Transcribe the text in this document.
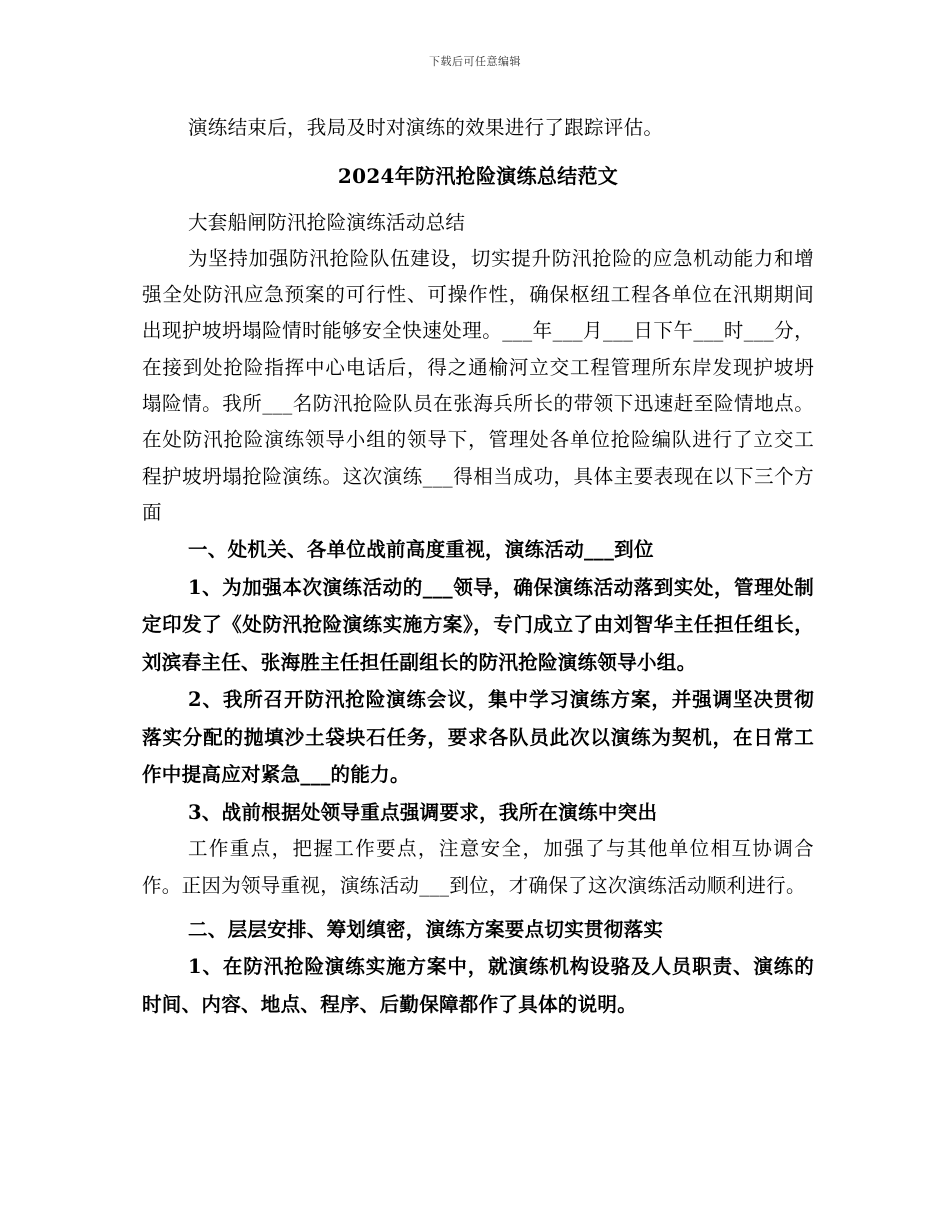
下载后可任意编辑

演练结束后，我局及时对演练的效果进行了跟踪评估。

2024年防汛抢险演练总结范文

大套船闸防汛抢险演练活动总结

为坚持加强防汛抢险队伍建设，切实提升防汛抢险的应急机动能力和增强全处防汛应急预案的可行性、可操作性，确保枢纽工程各单位在汛期期间出现护坡坍塌险情时能够安全快速处理。___年___月___日下午___时___分，在接到处抢险指挥中心电话后，得之通榆河立交工程管理所东岸发现护坡坍塌险情。我所___名防汛抢险队员在张海兵所长的带领下迅速赶至险情地点。在处防汛抢险演练领导小组的领导下，管理处各单位抢险编队进行了立交工程护坡坍塌抢险演练。这次演练___得相当成功，具体主要表现在以下三个方面

一、处机关、各单位战前高度重视，演练活动___到位

1、为加强本次演练活动的___领导，确保演练活动落到实处，管理处制定印发了《处防汛抢险演练实施方案》，专门成立了由刘智华主任担任组长，刘滨春主任、张海胜主任担任副组长的防汛抢险演练领导小组。

2、我所召开防汛抢险演练会议，集中学习演练方案，并强调坚决贯彻落实分配的抛填沙土袋块石任务，要求各队员此次以演练为契机，在日常工作中提高应对紧急___的能力。

3、战前根据处领导重点强调要求，我所在演练中突出

工作重点，把握工作要点，注意安全，加强了与其他单位相互协调合作。正因为领导重视，演练活动___到位，才确保了这次演练活动顺利进行。

二、层层安排、筹划缜密，演练方案要点切实贯彻落实

1、在防汛抢险演练实施方案中，就演练机构设骆及人员职责、演练的时间、内容、地点、程序、后勤保障都作了具体的说明。
